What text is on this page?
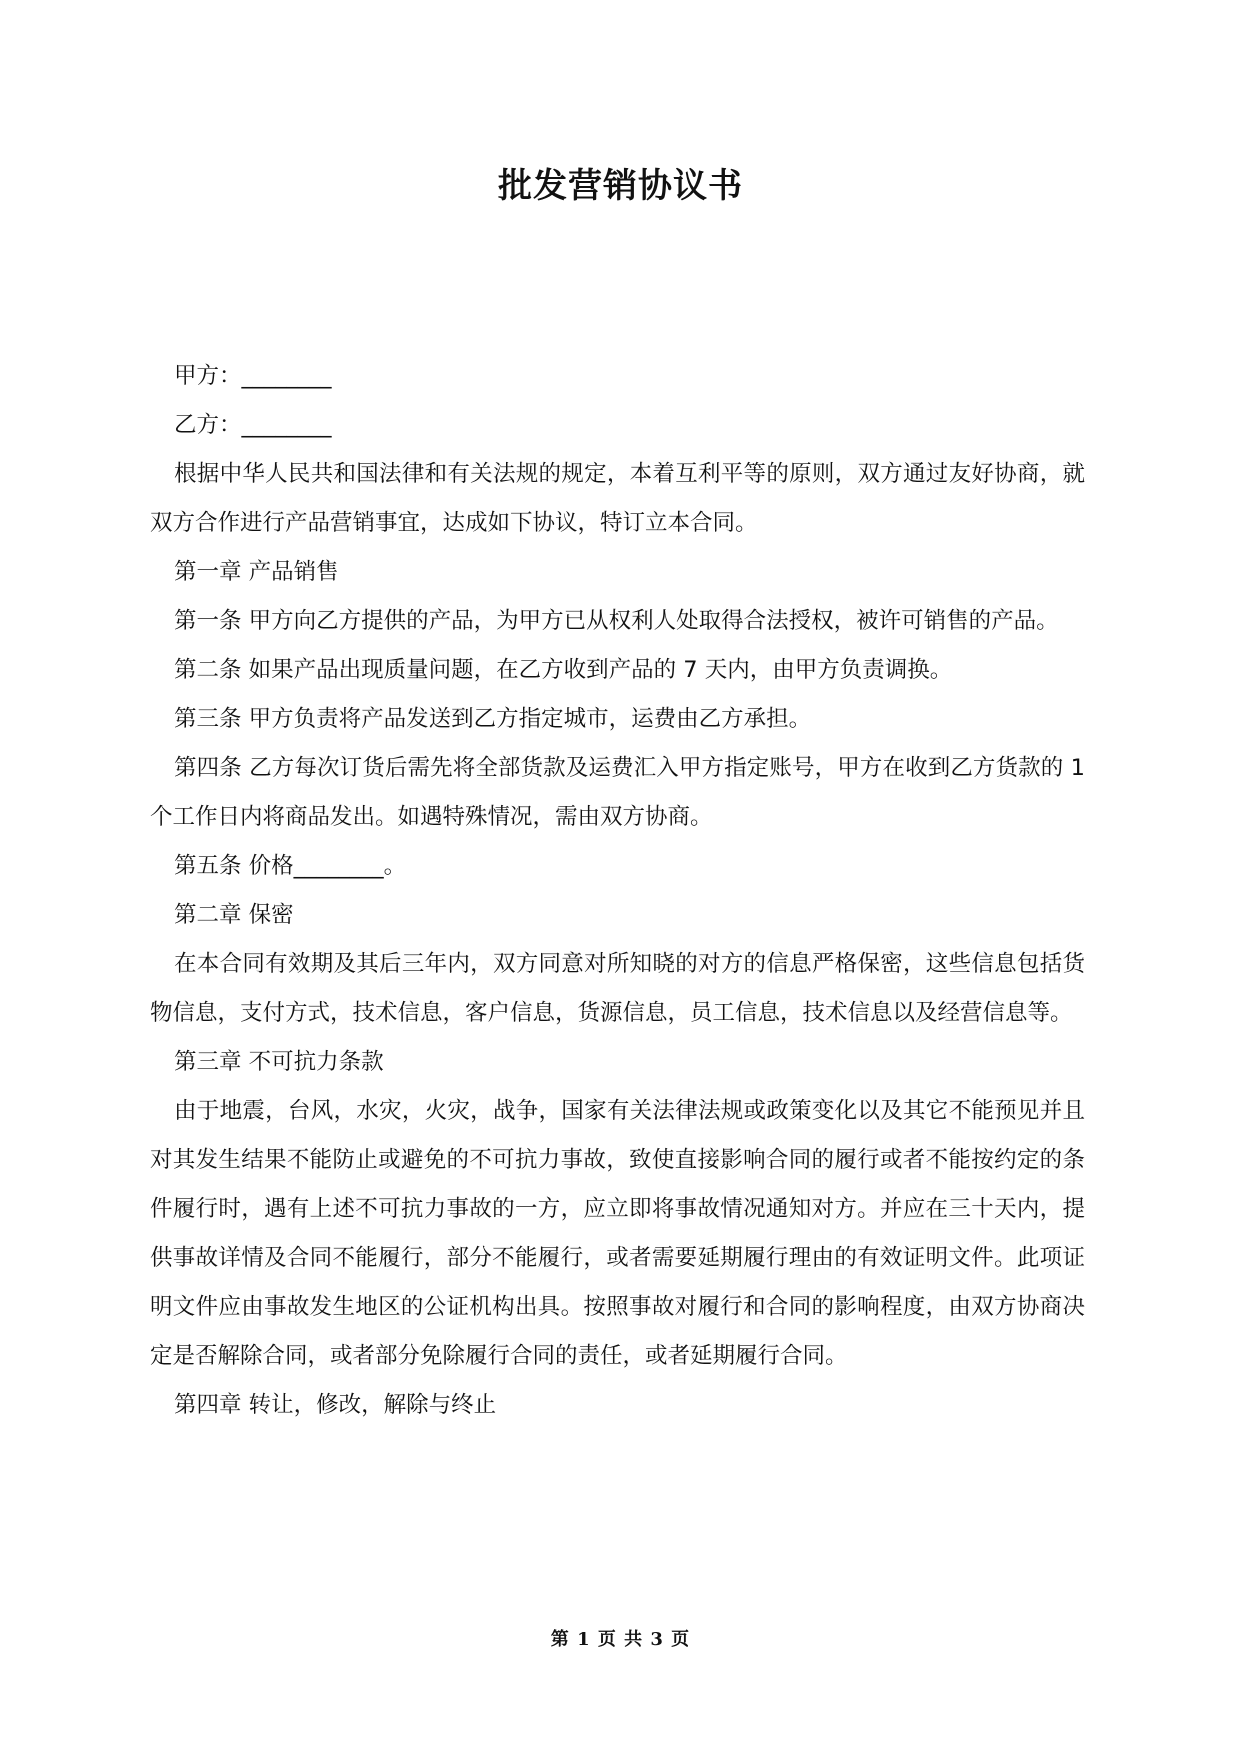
批发营销协议书

甲方：________

乙方：________

根据中华人民共和国法律和有关法规的规定，本着互利平等的原则，双方通过友好协商，就双方合作进行产品营销事宜，达成如下协议，特订立本合同。

第一章 产品销售

第一条 甲方向乙方提供的产品，为甲方已从权利人处取得合法授权，被许可销售的产品。

第二条 如果产品出现质量问题，在乙方收到产品的 7 天内，由甲方负责调换。

第三条 甲方负责将产品发送到乙方指定城市，运费由乙方承担。

第四条 乙方每次订货后需先将全部货款及运费汇入甲方指定账号，甲方在收到乙方货款的 1 个工作日内将商品发出。如遇特殊情况，需由双方协商。

第五条 价格________。

第二章 保密

在本合同有效期及其后三年内，双方同意对所知晓的对方的信息严格保密，这些信息包括货物信息，支付方式，技术信息，客户信息，货源信息，员工信息，技术信息以及经营信息等。

第三章 不可抗力条款

由于地震，台风，水灾，火灾，战争，国家有关法律法规或政策变化以及其它不能预见并且对其发生结果不能防止或避免的不可抗力事故，致使直接影响合同的履行或者不能按约定的条件履行时，遇有上述不可抗力事故的一方，应立即将事故情况通知对方。并应在三十天内，提供事故详情及合同不能履行，部分不能履行，或者需要延期履行理由的有效证明文件。此项证明文件应由事故发生地区的公证机构出具。按照事故对履行和合同的影响程度，由双方协商决定是否解除合同，或者部分免除履行合同的责任，或者延期履行合同。

第四章 转让，修改，解除与终止

第 1 页 共 3 页
